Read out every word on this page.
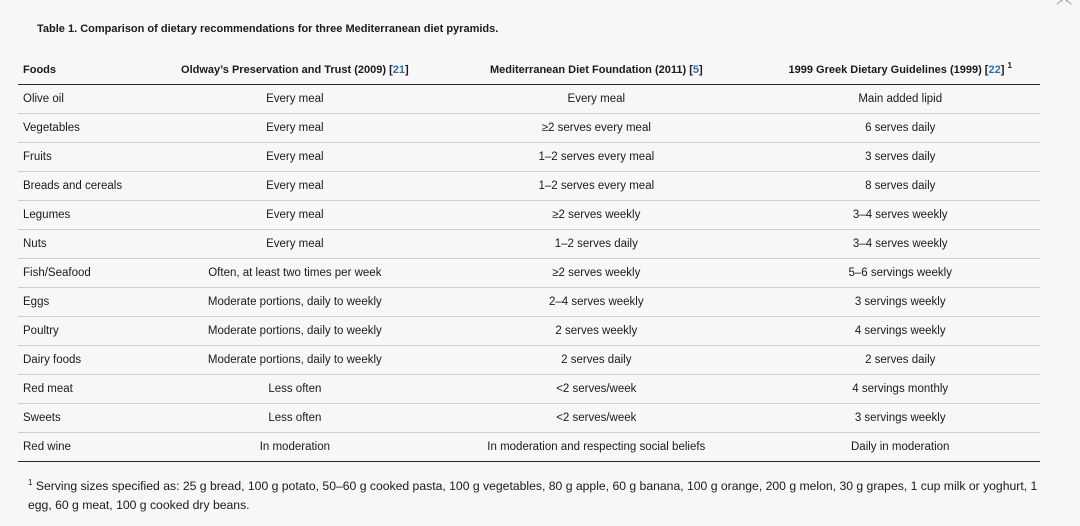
↗↖
Table 1. Comparison of dietary recommendations for three Mediterranean diet pyramids.
Foods	Oldway’s Preservation and Trust (2009) [21]	Mediterranean Diet Foundation (2011) [5]	1999 Greek Dietary Guidelines (1999) [22] $^1$
Olive oil	Every meal	Every meal	Main added lipid
Vegetables	Every meal	≥2 serves every meal	6 serves daily
Fruits	Every meal	1–2 serves every meal	3 serves daily
Breads and cereals	Every meal	1–2 serves every meal	8 serves daily
Legumes	Every meal	≥2 serves weekly	3–4 serves weekly
Nuts	Every meal	1–2 serves daily	3–4 serves weekly
Fish/Seafood	Often, at least two times per week	≥2 serves weekly	5–6 servings weekly
Eggs	Moderate portions, daily to weekly	2–4 serves weekly	3 servings weekly
Poultry	Moderate portions, daily to weekly	2 serves weekly	4 servings weekly
Dairy foods	Moderate portions, daily to weekly	2 serves daily	2 serves daily
Red meat	Less often	<2 serves/week	4 servings monthly
Sweets	Less often	<2 serves/week	3 servings weekly
Red wine	In moderation	In moderation and respecting social beliefs	Daily in moderation
$^1$ Serving sizes specified as: 25 g bread, 100 g potato, 50–60 g cooked pasta, 100 g vegetables, 80 g apple, 60 g banana, 100 g orange, 200 g melon, 30 g grapes, 1 cup milk or yoghurt, 1 egg, 60 g meat, 100 g cooked dry beans.
